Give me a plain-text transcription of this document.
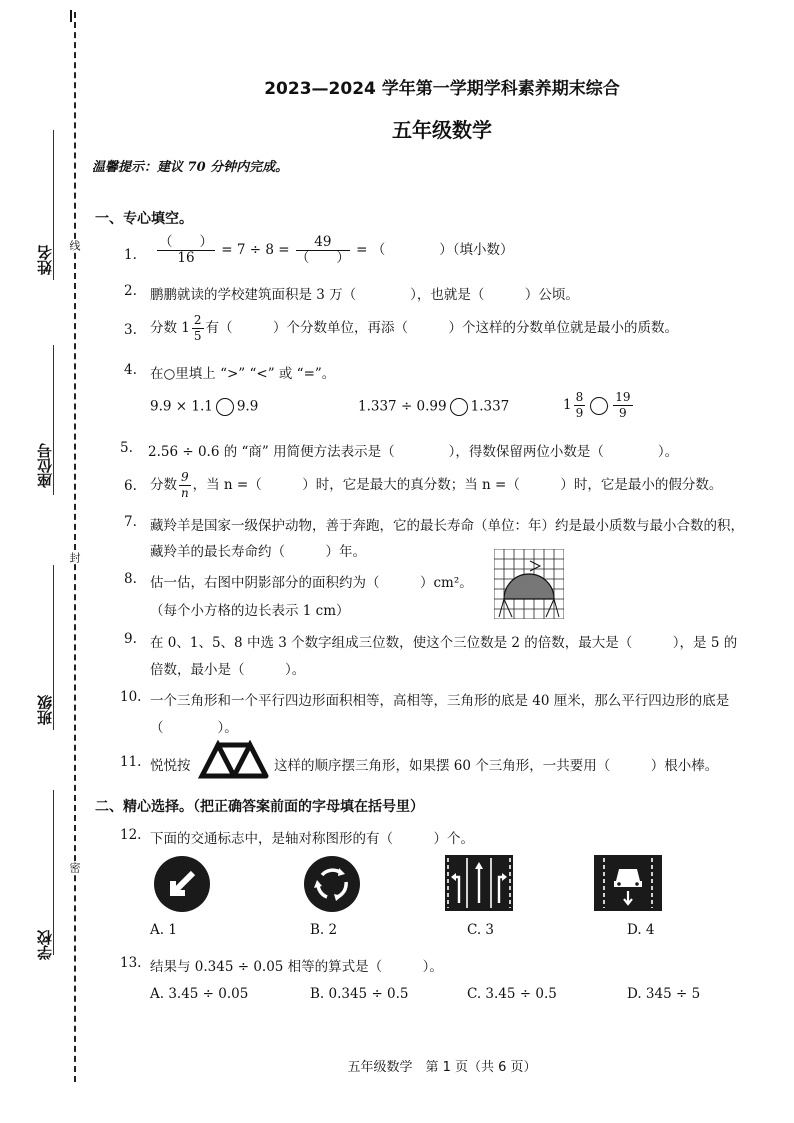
姓名
座位号
班级
学校
线
封
密
2023—2024 学年第一学期学科素养期末综合
五年级数学
温馨提示：建议 70 分钟内完成。
一、专心填空。
1. $\frac{( )}{16} = 7 \div 8 = \frac{49}{( )}$ = （　　　　）（填小数）
2. 鹏鹏就读的学校建筑面积是 3 万（　　　　），也就是（　　　）公顷。
3. 分数 $1 \frac{2}{5}$ 有（　　　）个分数单位，再添（　　　）个这样的分数单位就是最小的质数。
4. 在○里填上 “>” “<” 或 “=”。
9.9 × 1.1 9.9	1.337 ÷ 0.99 1.337	$1 \frac{8}{9} \frac{19}{9}$
5. 2.56 ÷ 0.6 的 “商” 用简便方法表示是（　　　　），得数保留两位小数是（　　　　）。
6. 分数 $\frac{9}{n}$ ，当 n =（　　　）时，它是最大的真分数；当 n =（　　　）时，它是最小的假分数。
7. 藏羚羊是国家一级保护动物，善于奔跑，它的最长寿命（单位：年）约是最小质数与最小合数的积，
藏羚羊的最长寿命约（　　　）年。
8. 估一估，右图中阴影部分的面积约为（　　　）cm²。
（每个小方格的边长表示 1 cm）
9. 在 0、1、5、8 中选 3 个数字组成三位数，使这个三位数是 2 的倍数，最大是（　　　），是 5 的
倍数，最小是（　　　）。
10. 一个三角形和一个平行四边形面积相等，高相等，三角形的底是 40 厘米，那么平行四边形的底是
（　　　　）。
11. 悦悦按	这样的顺序摆三角形，如果摆 60 个三角形，一共要用（　　　）根小棒。
二、精心选择。（把正确答案前面的字母填在括号里）
12. 下面的交通标志中，是轴对称图形的有（　　　）个。
A. 1	B. 2	C. 3	D. 4
13. 结果与 0.345 ÷ 0.05 相等的算式是（　　　）。
A. 3.45 ÷ 0.05	B. 0.345 ÷ 0.5	C. 3.45 ÷ 0.5	D. 345 ÷ 5
五年级数学　第 1 页（共 6 页）
